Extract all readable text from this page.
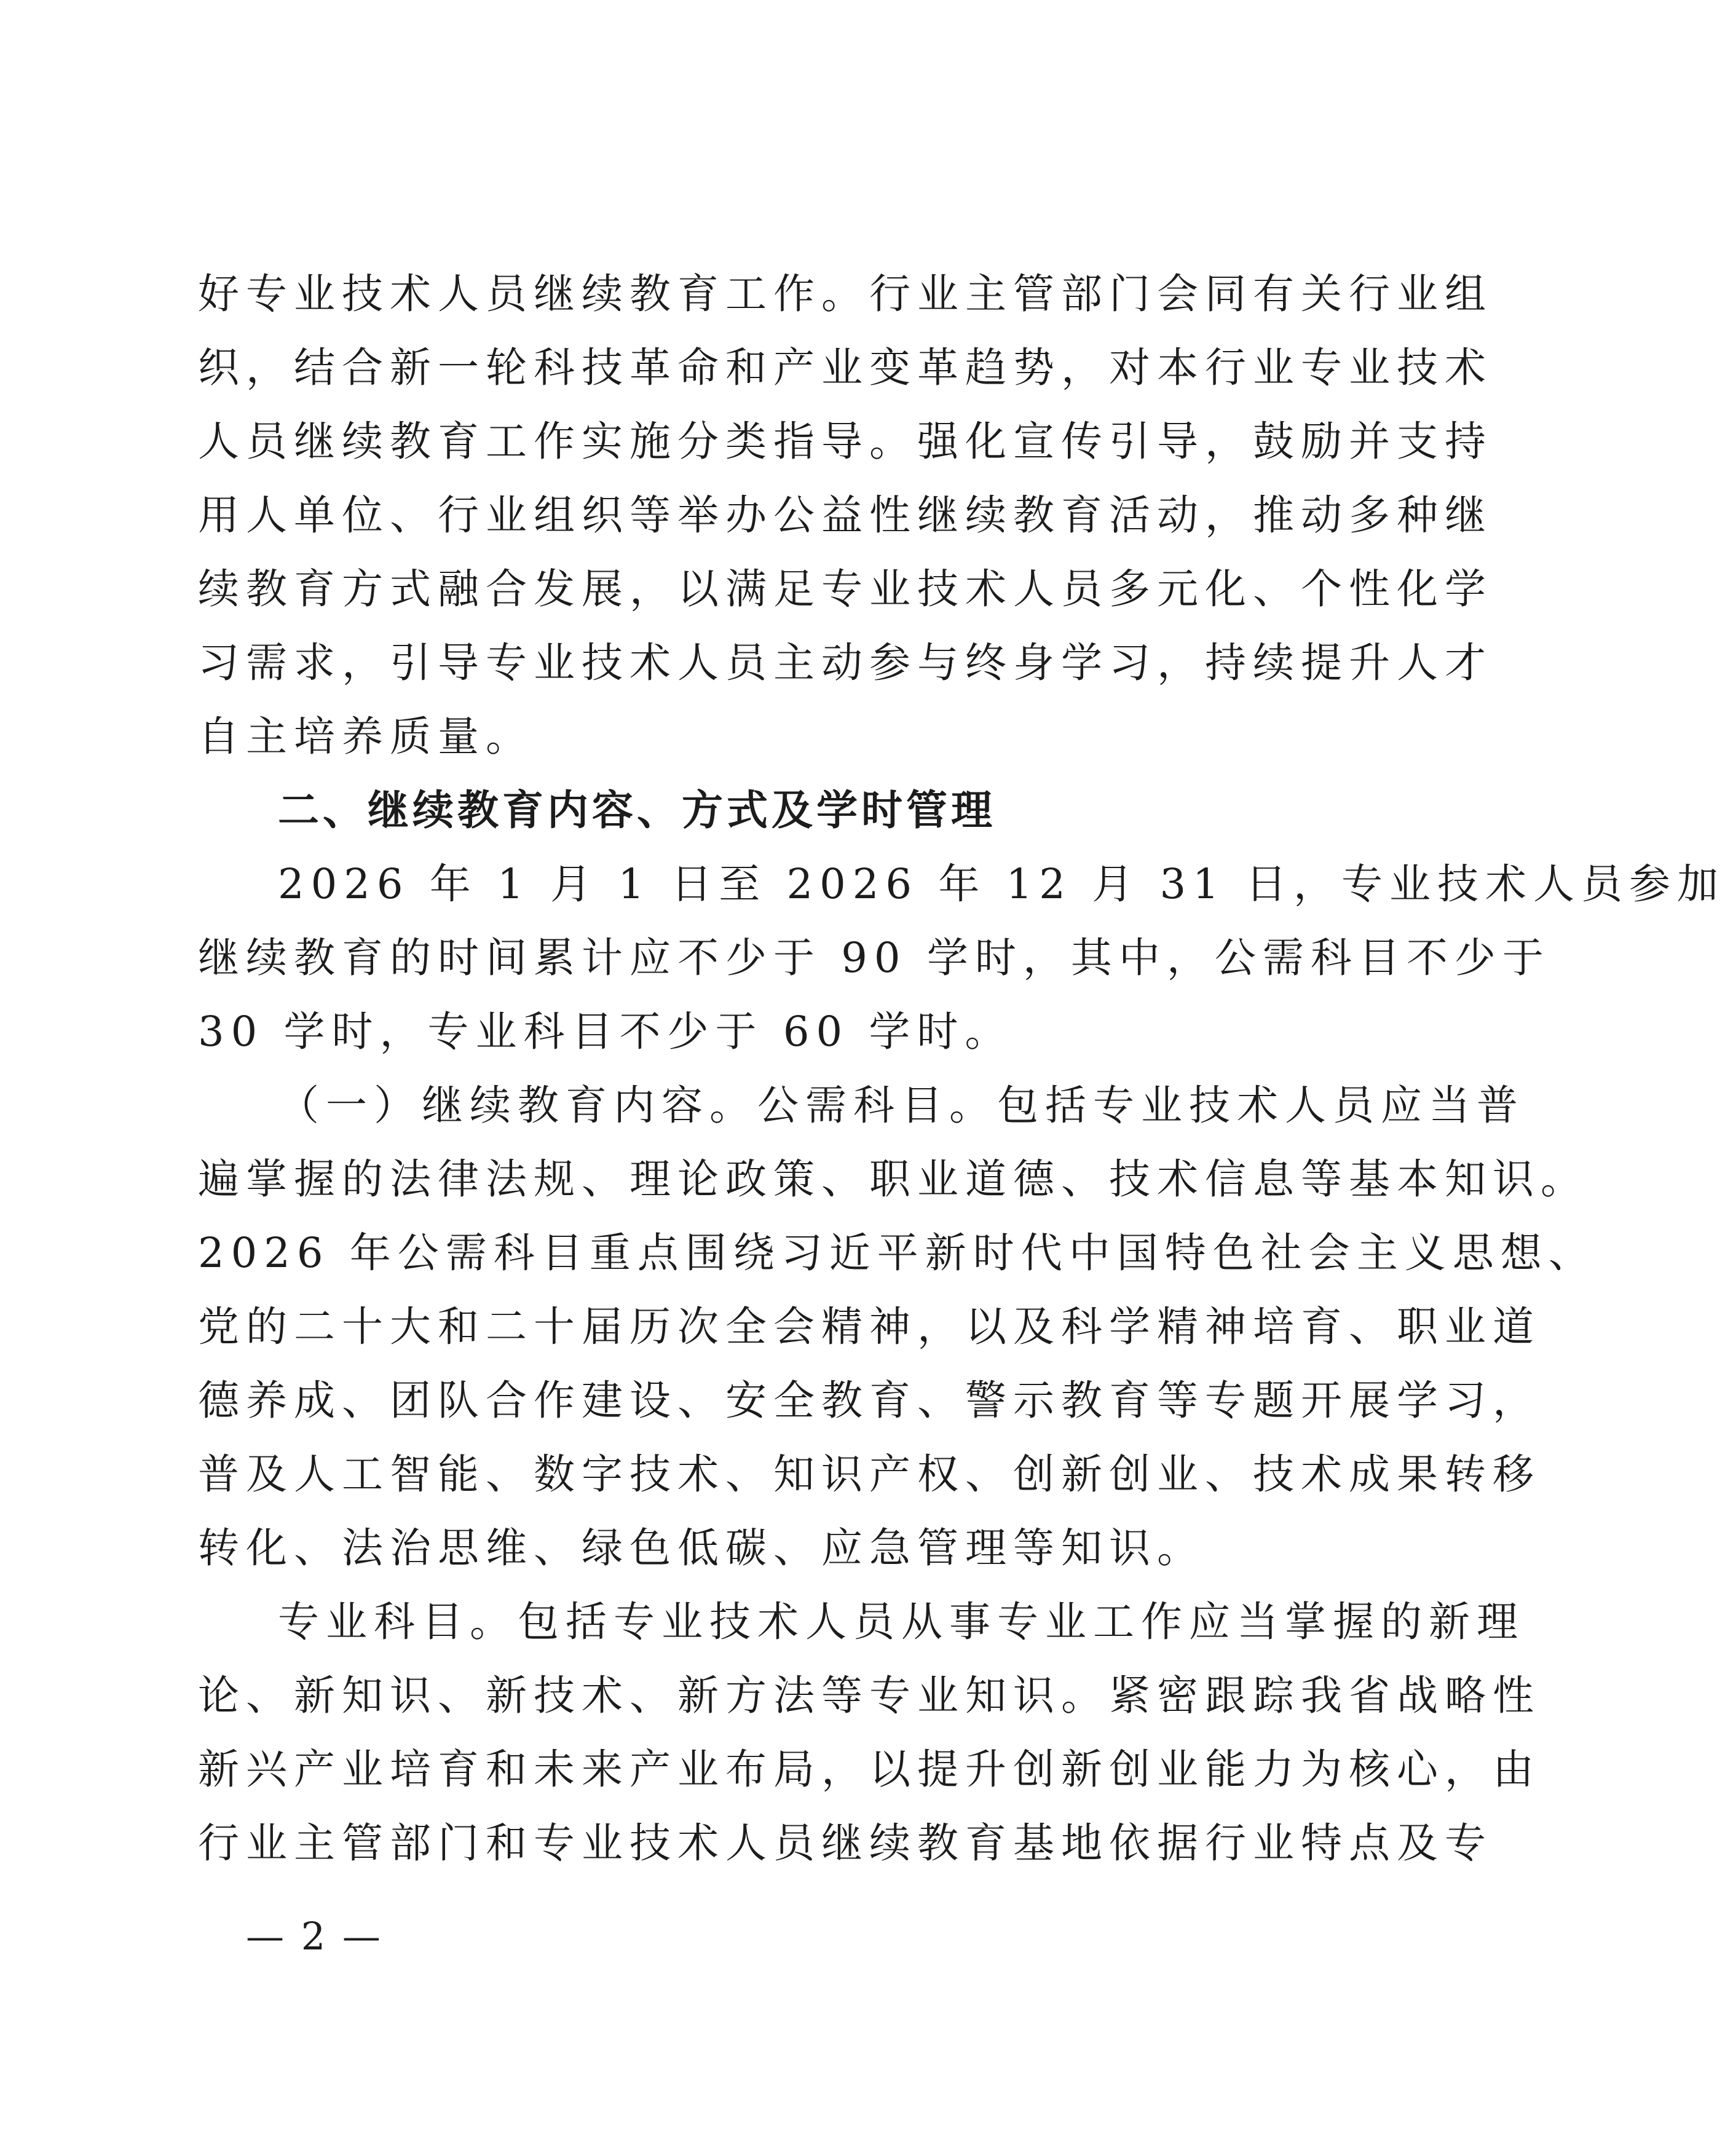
好专业技术人员继续教育工作。行业主管部门会同有关行业组
织，结合新一轮科技革命和产业变革趋势，对本行业专业技术
人员继续教育工作实施分类指导。强化宣传引导，鼓励并支持
用人单位、行业组织等举办公益性继续教育活动，推动多种继
续教育方式融合发展，以满足专业技术人员多元化、个性化学
习需求，引导专业技术人员主动参与终身学习，持续提升人才
自主培养质量。
二、继续教育内容、方式及学时管理
2026 年 1 月 1 日至 2026 年 12 月 31 日，专业技术人员参加
继续教育的时间累计应不少于 90 学时，其中，公需科目不少于
30 学时，专业科目不少于 60 学时。
（一）继续教育内容。公需科目。包括专业技术人员应当普
遍掌握的法律法规、理论政策、职业道德、技术信息等基本知识。
2026 年公需科目重点围绕习近平新时代中国特色社会主义思想、
党的二十大和二十届历次全会精神，以及科学精神培育、职业道
德养成、团队合作建设、安全教育、警示教育等专题开展学习，
普及人工智能、数字技术、知识产权、创新创业、技术成果转移
转化、法治思维、绿色低碳、应急管理等知识。
专业科目。包括专业技术人员从事专业工作应当掌握的新理
论、新知识、新技术、新方法等专业知识。紧密跟踪我省战略性
新兴产业培育和未来产业布局，以提升创新创业能力为核心，由
行业主管部门和专业技术人员继续教育基地依据行业特点及专
— 2 —
